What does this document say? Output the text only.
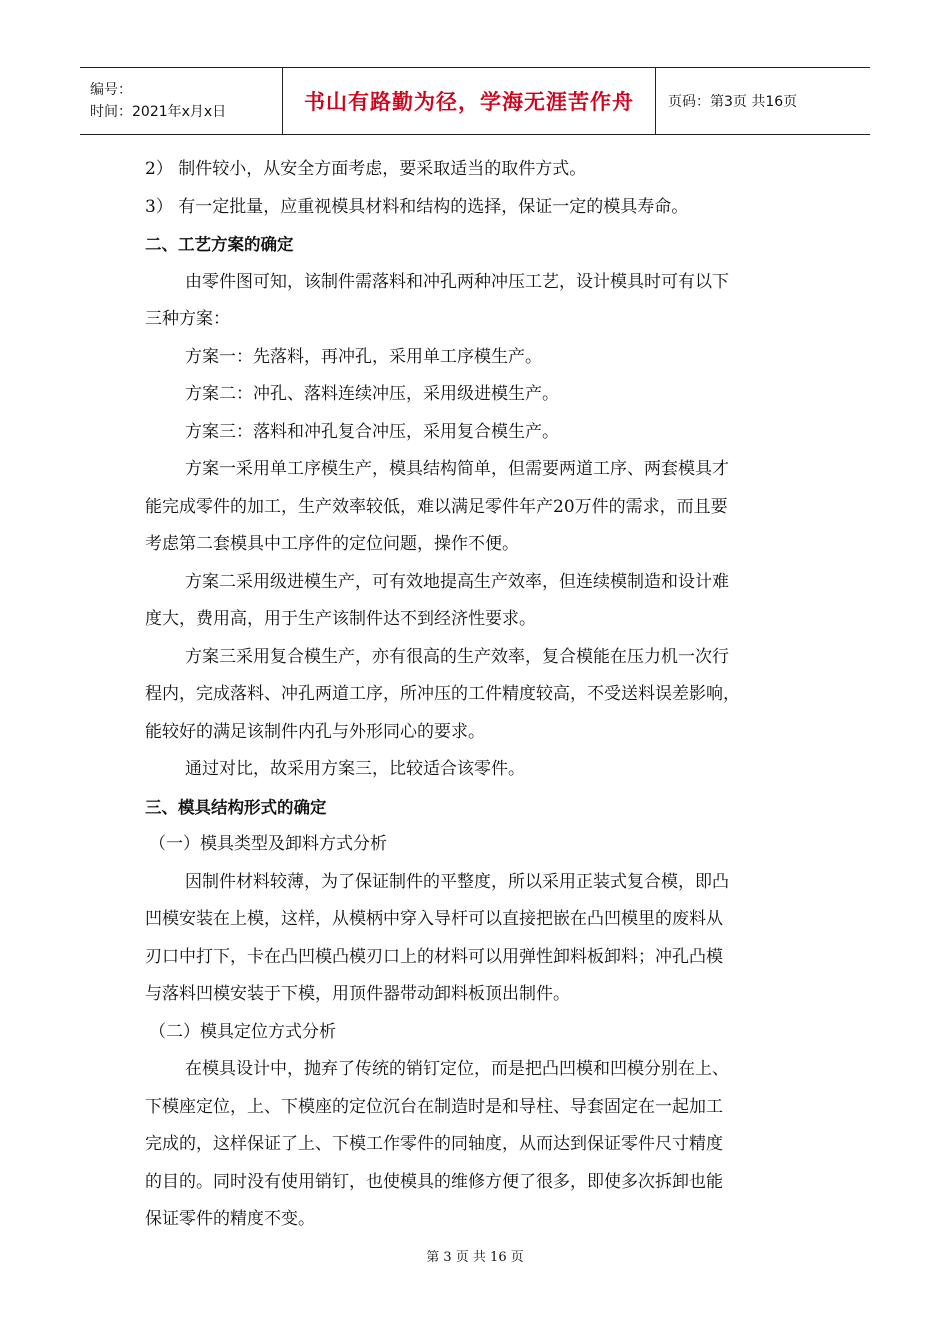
编号：
时间：2021年x月x日	书山有路勤为径，学海无涯苦作舟 页码：第3页 共16页
2） 制件较小，从安全方面考虑，要采取适当的取件方式。
3） 有一定批量，应重视模具材料和结构的选择，保证一定的模具寿命。
二、工艺方案的确定
由零件图可知，该制件需落料和冲孔两种冲压工艺，设计模具时可有以下
三种方案：
方案一：先落料，再冲孔，采用单工序模生产。
方案二：冲孔、落料连续冲压，采用级进模生产。
方案三：落料和冲孔复合冲压，采用复合模生产。
方案一采用单工序模生产，模具结构简单，但需要两道工序、两套模具才
能完成零件的加工，生产效率较低，难以满足零件年产20万件的需求，而且要
考虑第二套模具中工序件的定位问题，操作不便。
方案二采用级进模生产，可有效地提高生产效率，但连续模制造和设计难
度大，费用高，用于生产该制件达不到经济性要求。
方案三采用复合模生产，亦有很高的生产效率，复合模能在压力机一次行
程内，完成落料、冲孔两道工序，所冲压的工件精度较高，不受送料误差影响，
能较好的满足该制件内孔与外形同心的要求。
通过对比，故采用方案三，比较适合该零件。
三、模具结构形式的确定
（一）模具类型及卸料方式分析
因制件材料较薄，为了保证制件的平整度，所以采用正装式复合模，即凸
凹模安装在上模，这样，从模柄中穿入导杆可以直接把嵌在凸凹模里的废料从
刃口中打下，卡在凸凹模凸模刃口上的材料可以用弹性卸料板卸料；冲孔凸模
与落料凹模安装于下模，用顶件器带动卸料板顶出制件。
（二）模具定位方式分析
在模具设计中，抛弃了传统的销钉定位，而是把凸凹模和凹模分别在上、
下模座定位，上、下模座的定位沉台在制造时是和导柱、导套固定在一起加工
完成的，这样保证了上、下模工作零件的同轴度，从而达到保证零件尺寸精度
的目的。同时没有使用销钉，也使模具的维修方便了很多，即使多次拆卸也能
保证零件的精度不变。
第 3 页 共 16 页
